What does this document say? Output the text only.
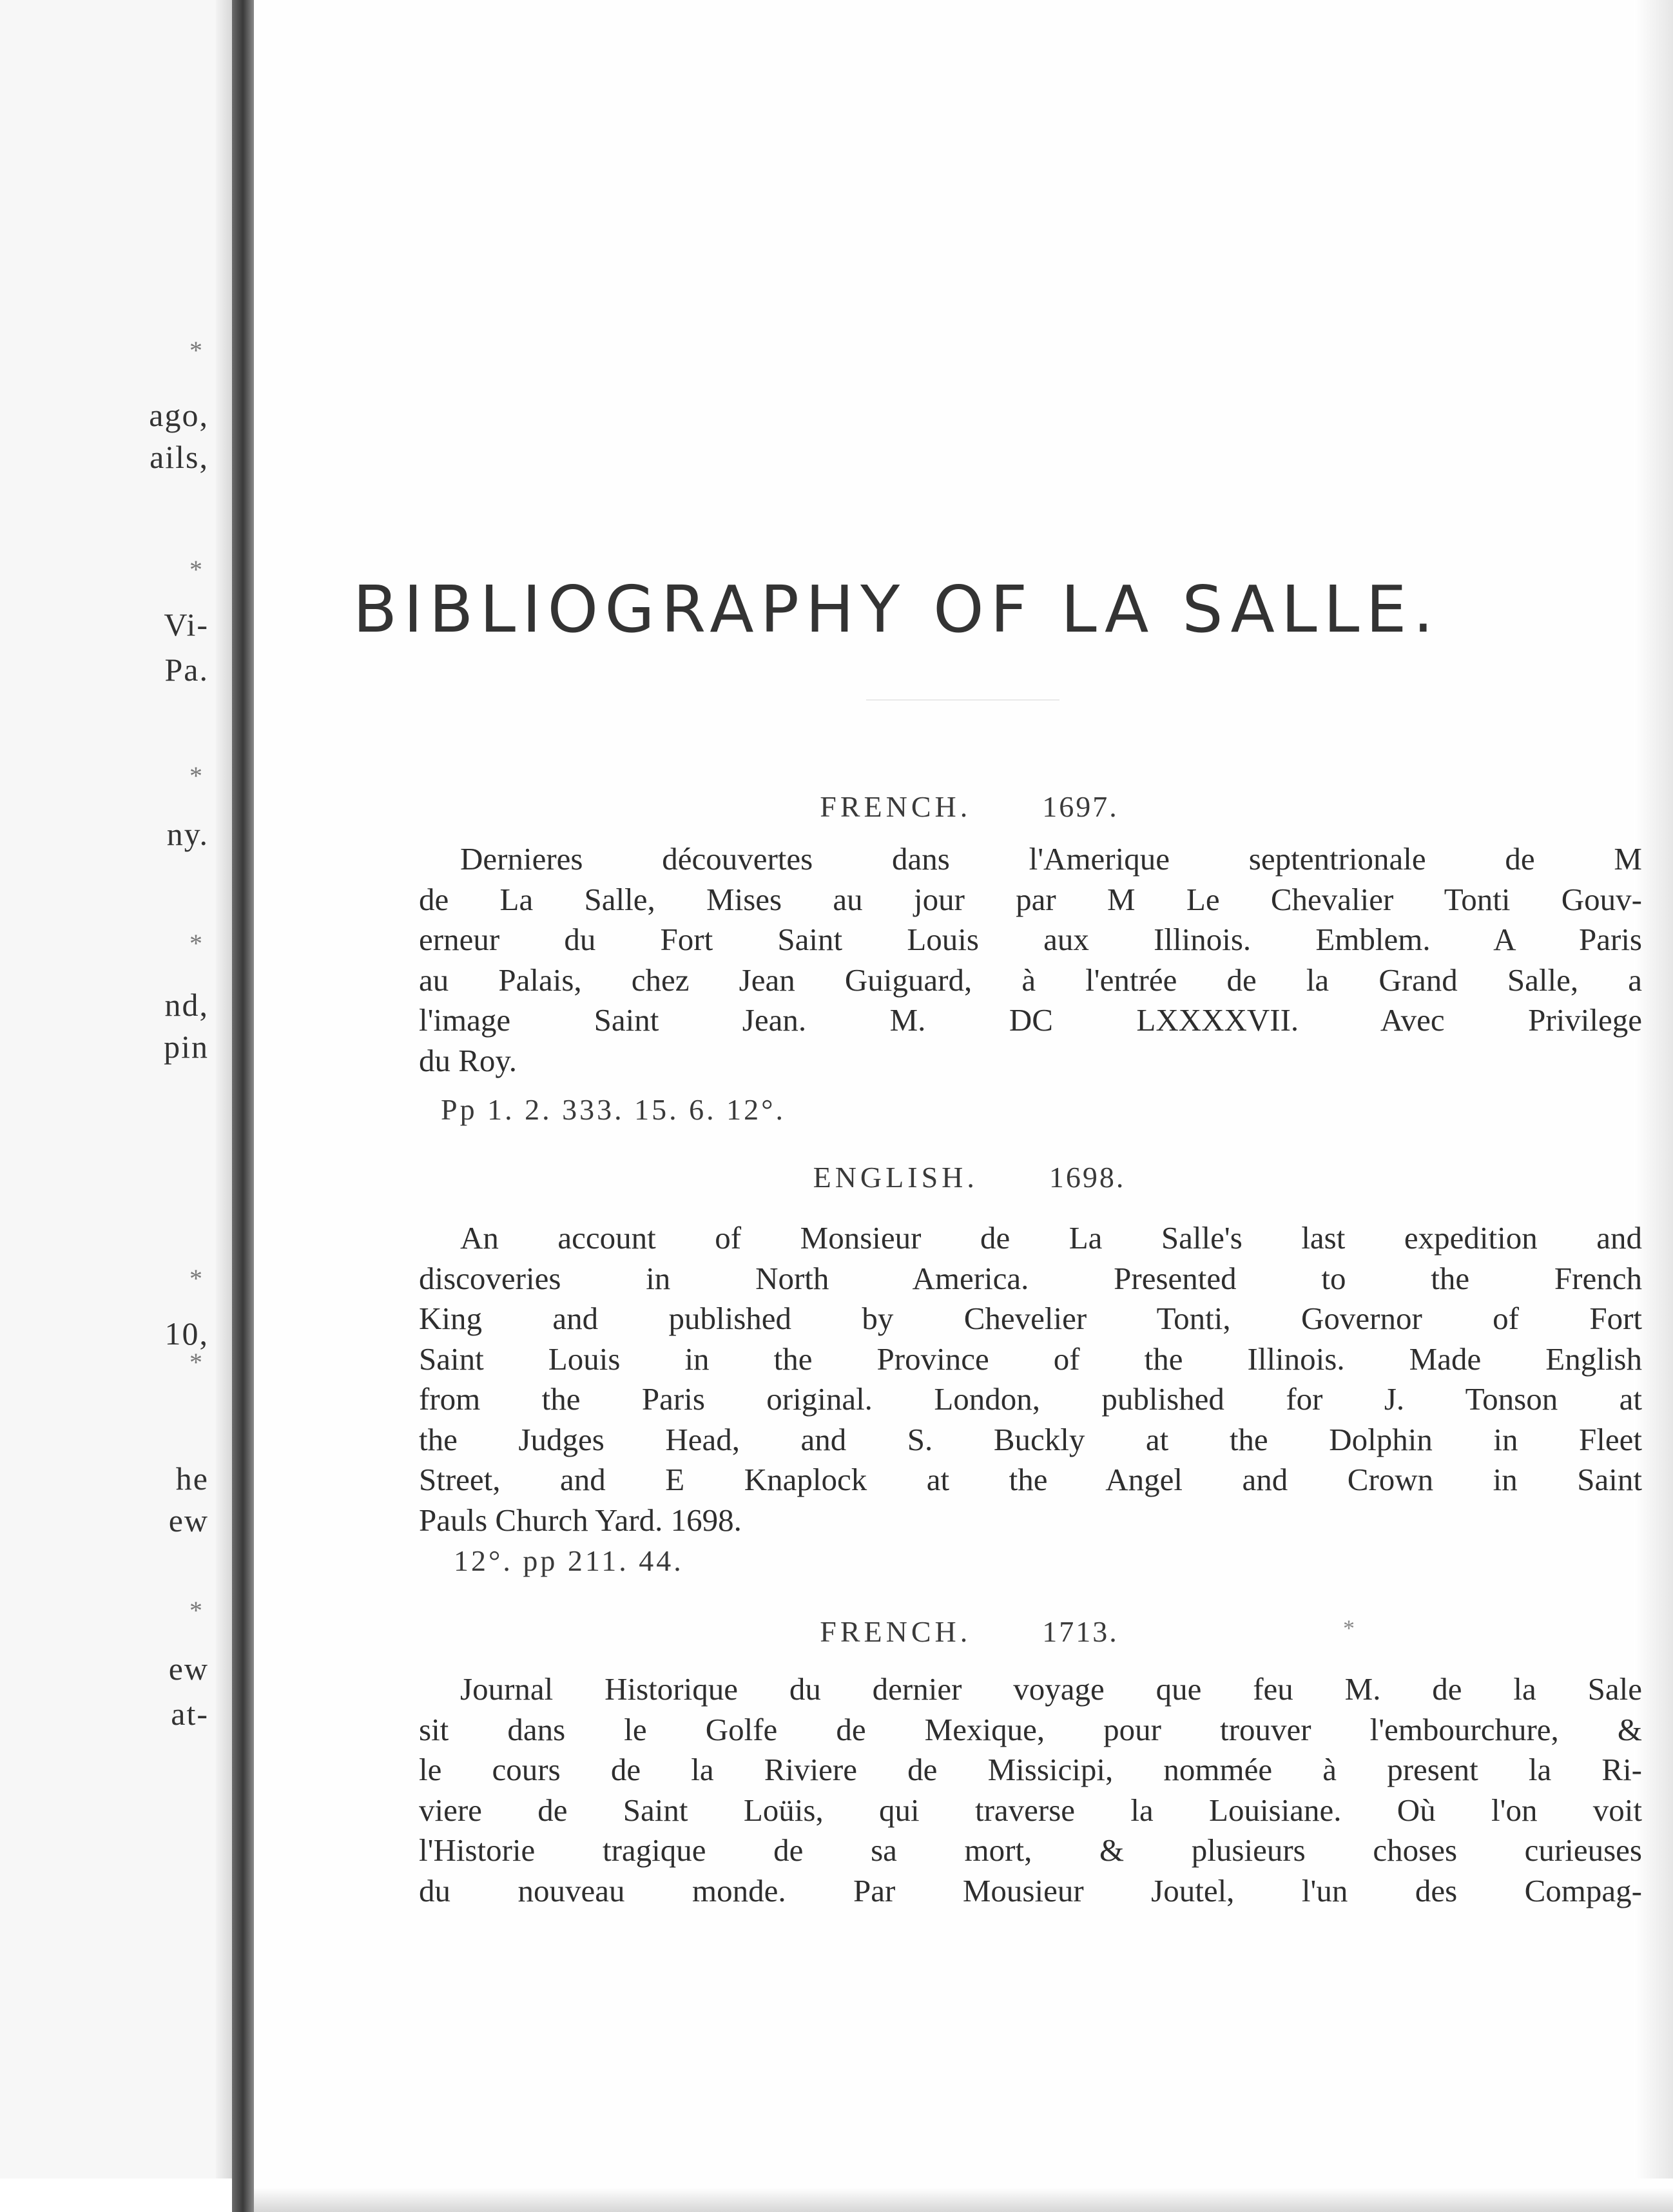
*
ago,
ails,
*
Vi-
Pa.
*
ny.
*
nd,
pin
*
10,
*
he
ew
*
ew
at-
BIBLIOGRAPHY OF LA SALLE.
FRENCH. 1697.
Dernieres découvertes dans l'Amerique septentrionale de M
de La Salle, Mises au jour par M Le Chevalier Tonti Gouv-
erneur du Fort Saint Louis aux Illinois. Emblem. A Paris
au Palais, chez Jean Guiguard, à l'entrée de la Grand Salle, a
l'image Saint Jean. M. DC LXXXXVII. Avec Privilege
du Roy.
Pp 1. 2. 333. 15. 6. 12°.
ENGLISH. 1698.
An account of Monsieur de La Salle's last expedition and
discoveries in North America. Presented to the French
King and published by Chevelier Tonti, Governor of Fort
Saint Louis in the Province of the Illinois. Made English
from the Paris original. London, published for J. Tonson at
the Judges Head, and S. Buckly at the Dolphin in Fleet
Street, and E Knaplock at the Angel and Crown in Saint
Pauls Church Yard. 1698.
12°. pp 211. 44.
FRENCH. 1713.
Journal Historique du dernier voyage que feu M. de la Sale
sit dans le Golfe de Mexique, pour trouver l'embourchure, &
le cours de la Riviere de Missicipi, nommée à present la Ri-
viere de Saint Loüis, qui traverse la Louisiane. Où l'on voit
l'Historie tragique de sa mort, & plusieurs choses curieuses
du nouveau monde. Par Mousieur Joutel, l'un des Compag-
*
